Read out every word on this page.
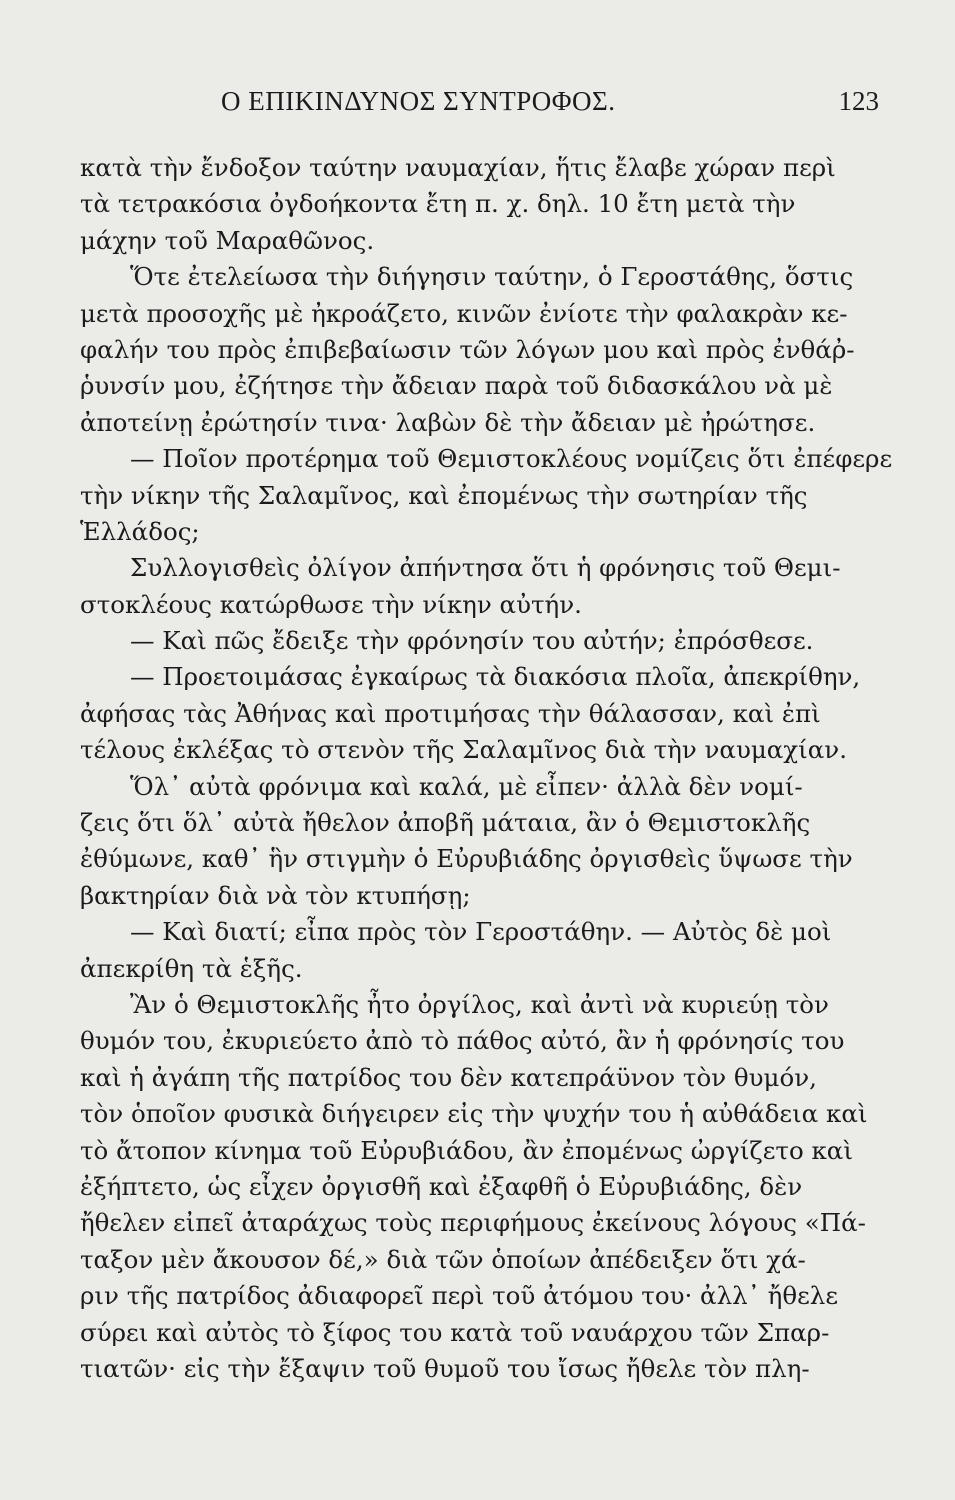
Ο ΕΠΙΚΙΝΔΥΝΟΣ ΣΥΝΤΡΟΦΟΣ.	123
κατὰ τὴν ἔνδοξον ταύτην ναυμαχίαν, ἥτις ἔλαβε χώραν περὶ
τὰ τετρακόσια ὀγδοήκοντα ἔτη π. χ. δηλ. 10 ἔτη μετὰ τὴν
μάχην τοῦ Μαραθῶνος.
Ὅτε ἐτελείωσα τὴν διήγησιν ταύτην, ὁ Γεροστάθης, ὅστις
μετὰ προσοχῆς μὲ ἠκροάζετο, κινῶν ἐνίοτε τὴν φαλακρὰν κε-
φαλήν του πρὸς ἐπιβεβαίωσιν τῶν λόγων μου καὶ πρὸς ἐνθάῤ-
ῥυνσίν μου, ἐζήτησε τὴν ἄδειαν παρὰ τοῦ διδασκάλου νὰ μὲ
ἀποτείνῃ ἐρώτησίν τινα· λαβὼν δὲ τὴν ἄδειαν μὲ ἠρώτησε.
— Ποῖον προτέρημα τοῦ Θεμιστοκλέους νομίζεις ὅτι ἐπέφερε
τὴν νίκην τῆς Σαλαμῖνος, καὶ ἐπομένως τὴν σωτηρίαν τῆς
Ἑλλάδος;
Συλλογισθεὶς ὀλίγον ἀπήντησα ὅτι ἡ φρόνησις τοῦ Θεμι-
στοκλέους κατώρθωσε τὴν νίκην αὐτήν.
— Καὶ πῶς ἔδειξε τὴν φρόνησίν του αὐτήν; ἐπρόσθεσε.
— Προετοιμάσας ἐγκαίρως τὰ διακόσια πλοῖα, ἀπεκρίθην,
ἀφήσας τὰς Ἀθήνας καὶ προτιμήσας τὴν θάλασσαν, καὶ ἐπὶ
τέλους ἐκλέξας τὸ στενὸν τῆς Σαλαμῖνος διὰ τὴν ναυμαχίαν.
Ὅλ᾽ αὐτὰ φρόνιμα καὶ καλά, μὲ εἶπεν· ἀλλὰ δὲν νομί-
ζεις ὅτι ὅλ᾽ αὐτὰ ἤθελον ἀποβῆ μάταια, ἂν ὁ Θεμιστοκλῆς
ἐθύμωνε, καθ᾽ ἣν στιγμὴν ὁ Εὐρυβιάδης ὀργισθεὶς ὕψωσε τὴν
βακτηρίαν διὰ νὰ τὸν κτυπήσῃ;
— Καὶ διατί; εἶπα πρὸς τὸν Γεροστάθην. — Αὐτὸς δὲ μοὶ
ἀπεκρίθη τὰ ἑξῆς.
Ἂν ὁ Θεμιστοκλῆς ἦτο ὀργίλος, καὶ ἀντὶ νὰ κυριεύῃ τὸν
θυμόν του, ἐκυριεύετο ἀπὸ τὸ πάθος αὐτό, ἂν ἡ φρόνησίς του
καὶ ἡ ἀγάπη τῆς πατρίδος του δὲν κατεπράϋνον τὸν θυμόν,
τὸν ὁποῖον φυσικὰ διήγειρεν εἰς τὴν ψυχήν του ἡ αὐθάδεια καὶ
τὸ ἄτοπον κίνημα τοῦ Εὐρυβιάδου, ἂν ἐπομένως ὠργίζετο καὶ
ἐξήπτετο, ὡς εἶχεν ὀργισθῆ καὶ ἐξαφθῆ ὁ Εὐρυβιάδης, δὲν
ἤθελεν εἰπεῖ ἀταράχως τοὺς περιφήμους ἐκείνους λόγους «Πά-
ταξον μὲν ἄκουσον δέ,» διὰ τῶν ὁποίων ἀπέδειξεν ὅτι χά-
ριν τῆς πατρίδος ἀδιαφορεῖ περὶ τοῦ ἀτόμου του· ἀλλ᾽ ἤθελε
σύρει καὶ αὐτὸς τὸ ξίφος του κατὰ τοῦ ναυάρχου τῶν Σπαρ-
τιατῶν· εἰς τὴν ἔξαψιν τοῦ θυμοῦ του ἴσως ἤθελε τὸν πλη-
